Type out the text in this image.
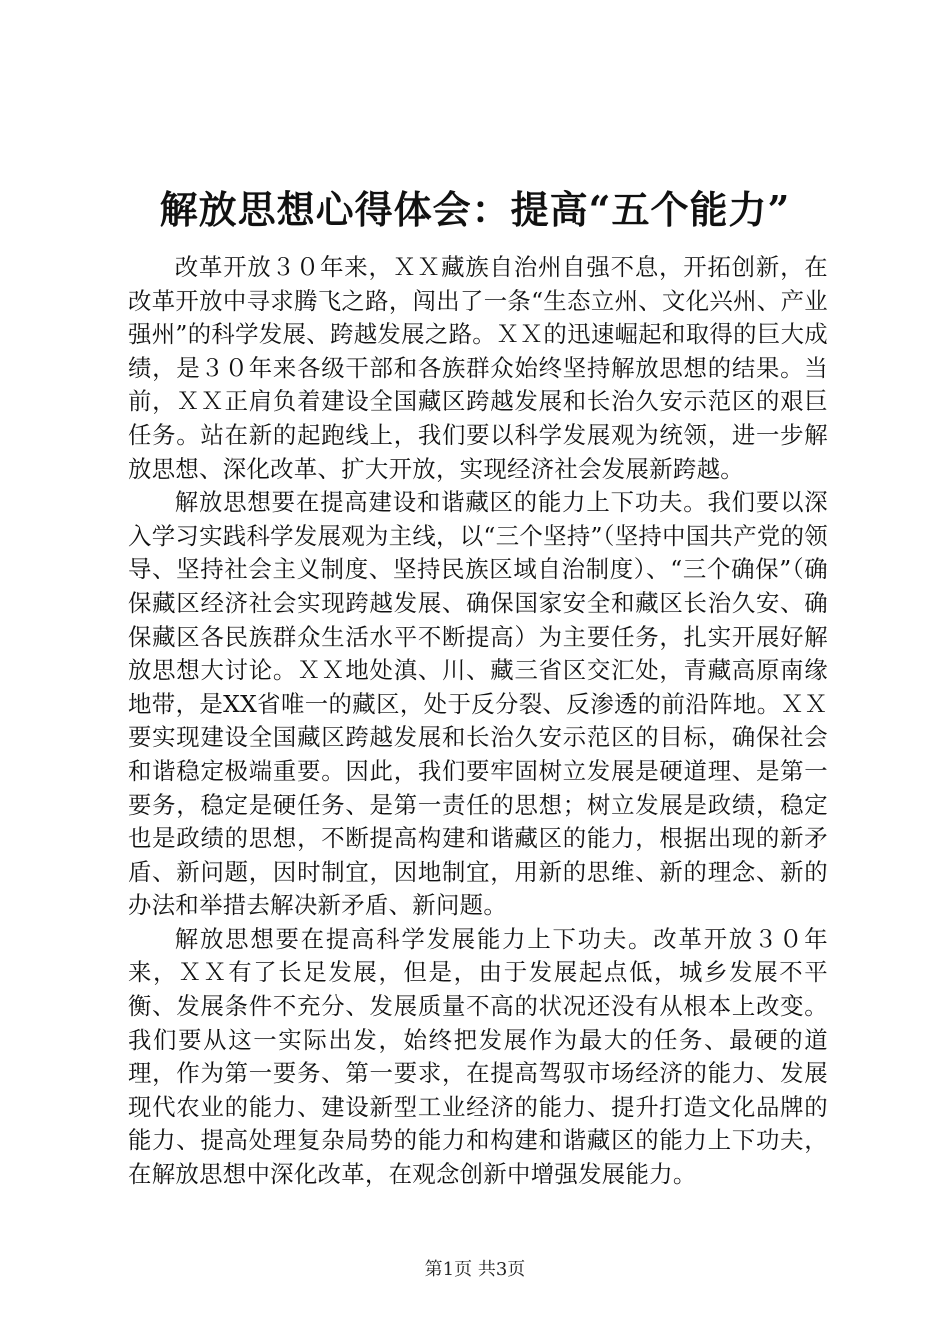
解放思想心得体会：提高“五个能力”

改革开放３０年来，ＸＸ藏族自治州自强不息，开拓创新，在改革开放中寻求腾飞之路，闯出了一条“生态立州、文化兴州、产业强州”的科学发展、跨越发展之路。ＸＸ的迅速崛起和取得的巨大成绩，是３０年来各级干部和各族群众始终坚持解放思想的结果。当前，ＸＸ正肩负着建设全国藏区跨越发展和长治久安示范区的艰巨任务。站在新的起跑线上，我们要以科学发展观为统领，进一步解放思想、深化改革、扩大开放，实现经济社会发展新跨越。

解放思想要在提高建设和谐藏区的能力上下功夫。我们要以深入学习实践科学发展观为主线，以“三个坚持”（坚持中国共产党的领导、坚持社会主义制度、坚持民族区域自治制度）、“三个确保”（确保藏区经济社会实现跨越发展、确保国家安全和藏区长治久安、确保藏区各民族群众生活水平不断提高）为主要任务，扎实开展好解放思想大讨论。ＸＸ地处滇、川、藏三省区交汇处，青藏高原南缘地带，是XX省唯一的藏区，处于反分裂、反渗透的前沿阵地。ＸＸ要实现建设全国藏区跨越发展和长治久安示范区的目标，确保社会和谐稳定极端重要。因此，我们要牢固树立发展是硬道理、是第一要务，稳定是硬任务、是第一责任的思想；树立发展是政绩，稳定也是政绩的思想，不断提高构建和谐藏区的能力，根据出现的新矛盾、新问题，因时制宜，因地制宜，用新的思维、新的理念、新的办法和举措去解决新矛盾、新问题。

解放思想要在提高科学发展能力上下功夫。改革开放３０年来，ＸＸ有了长足发展，但是，由于发展起点低，城乡发展不平衡、发展条件不充分、发展质量不高的状况还没有从根本上改变。我们要从这一实际出发，始终把发展作为最大的任务、最硬的道理，作为第一要务、第一要求，在提高驾驭市场经济的能力、发展现代农业的能力、建设新型工业经济的能力、提升打造文化品牌的能力、提高处理复杂局势的能力和构建和谐藏区的能力上下功夫，在解放思想中深化改革，在观念创新中增强发展能力。

第1页 共3页
